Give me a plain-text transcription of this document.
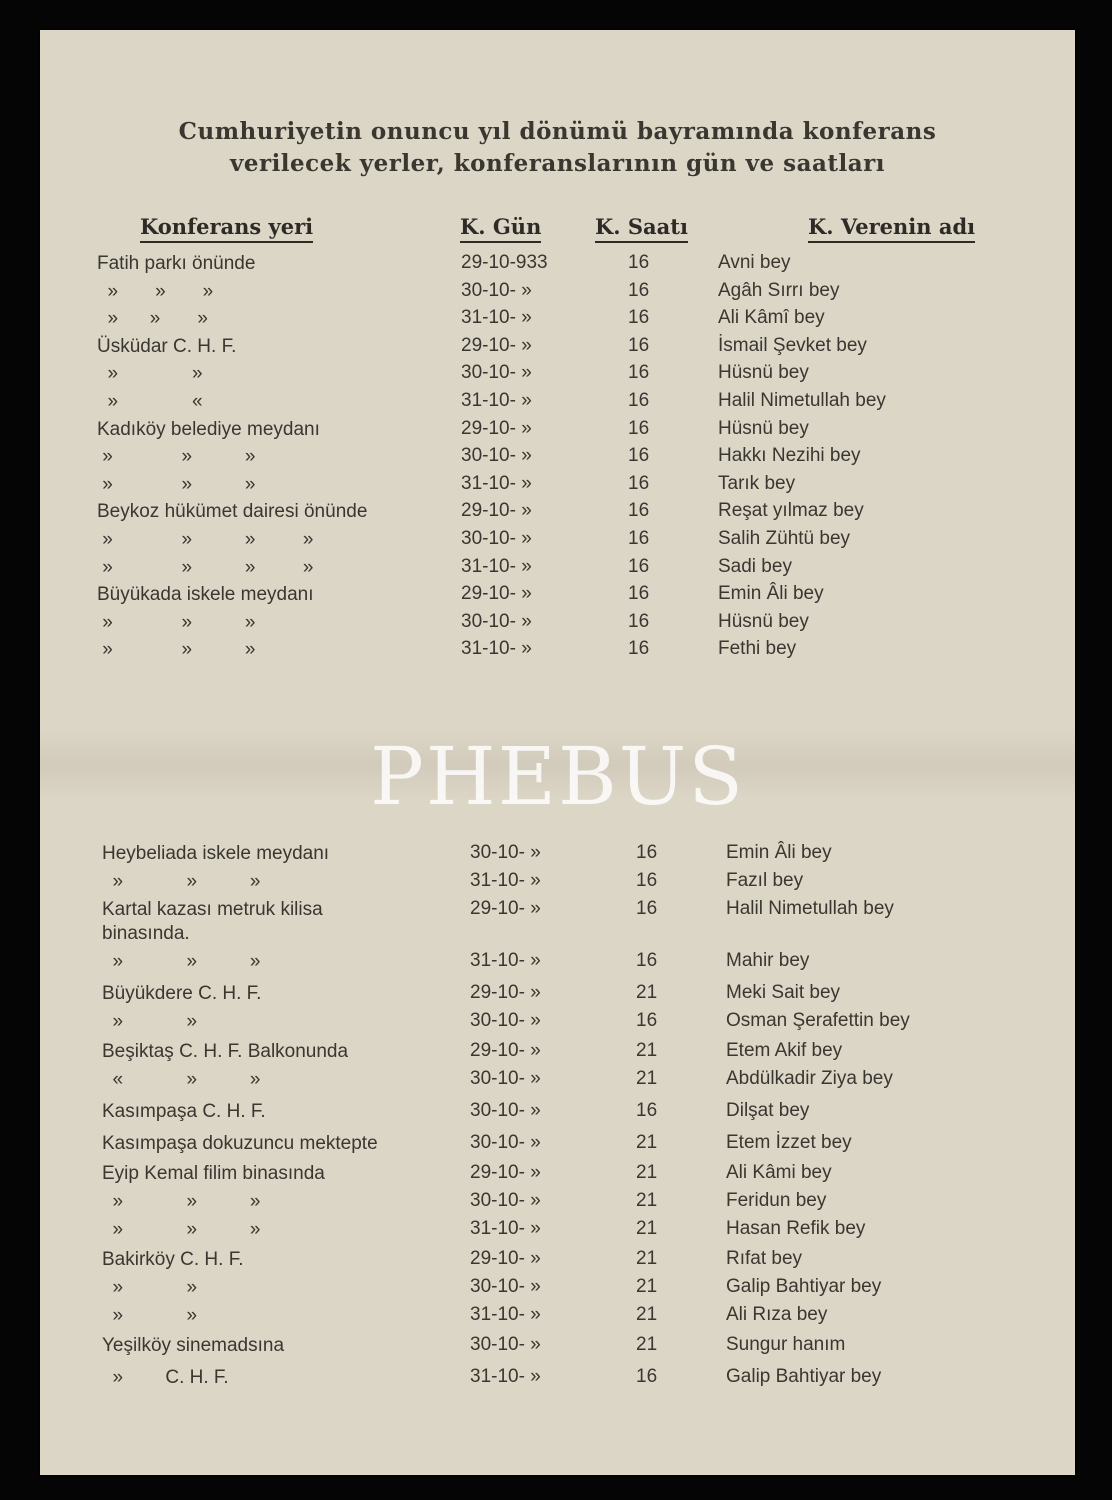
Cumhuriyetin onuncu yıl dönümü bayramında konferans
verilecek yerler, konferanslarının gün ve saatları
Konferans yeri	K. Gün	K. Saatı	K. Verenin adı
Fatih parkı önünde	29-10-933	16	Avni bey
»       »       »	30-10- »	16	Agâh Sırrı bey
»      »       »	31-10- »	16	Ali Kâmî bey
Üsküdar C. H. F.	29-10- »	16	İsmail Şevket bey
»              »	30-10- »	16	Hüsnü bey
»              «	31-10- »	16	Halil Nimetullah bey
Kadıköy belediye meydanı	29-10- »	16	Hüsnü bey
»             »          »	30-10- »	16	Hakkı Nezihi bey
»             »          »	31-10- »	16	Tarık bey
Beykoz hükümet dairesi önünde	29-10- »	16	Reşat yılmaz bey
»             »          »         »	30-10- »	16	Salih Zühtü bey
»             »          »         »	31-10- »	16	Sadi bey
Büyükada iskele meydanı	29-10- »	16	Emin Âli bey
»             »          »	30-10- »	16	Hüsnü bey
»             »          »	31-10- »	16	Fethi bey
Heybeliada iskele meydanı	30-10- »	16	Emin Âli bey
»            »          »	31-10- »	16	Fazıl bey
Kartal kazası metruk kilisa
binasında.
29-10- »	16	Halil Nimetullah bey
»            »          »	31-10- »	16	Mahir bey
Büyükdere C. H. F.	29-10- »	21	Meki Sait bey
»            »	30-10- »	16	Osman Şerafettin bey
Beşiktaş C. H. F. Balkonunda	29-10- »	21	Etem Akif bey
«            »          »	30-10- »	21	Abdülkadir Ziya bey
Kasımpaşa C. H. F.	30-10- »	16	Dilşat bey
Kasımpaşa dokuzuncu mektepte	30-10- »	21	Etem İzzet bey
Eyip Kemal filim binasında	29-10- »	21	Ali Kâmi bey
»            »          »	30-10- »	21	Feridun bey
»            »          »	31-10- »	21	Hasan Refik bey
Bakirköy C. H. F.	29-10- »	21	Rıfat bey
»            »	30-10- »	21	Galip Bahtiyar bey
»            »	31-10- »	21	Ali Rıza bey
Yeşilköy sinemadsına	30-10- »	21	Sungur hanım
»        C. H. F.	31-10- »	16	Galip Bahtiyar bey
PHEBUS
